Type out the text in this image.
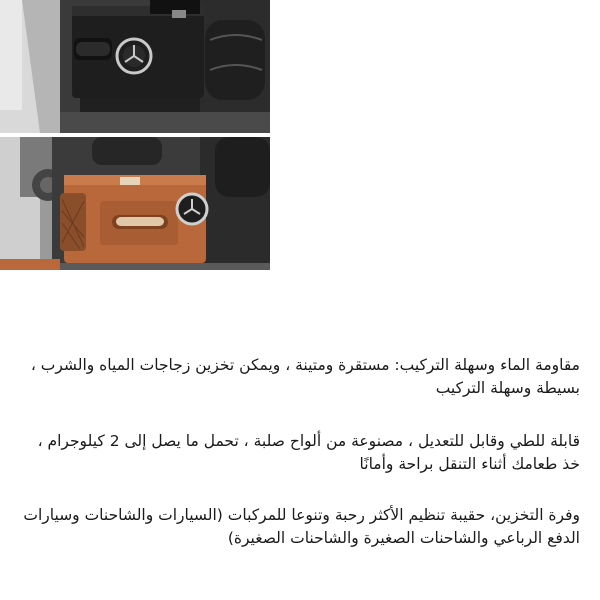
مقاومة الماء وسهلة التركيب: مستقرة ومتينة ، ويمكن تخزين زجاجات المياه والشرب ، بسيطة وسهلة التركيب

قابلة للطي وقابل للتعديل ، مصنوعة من ألواح صلبة ، تحمل ما يصل إلى 2 كيلوجرام ، خذ طعامك أثناء التنقل براحة وأمانًا

وفرة التخزين، حقيبة تنظيم الأكثر رحبة وتنوعا للمركبات (السيارات والشاحنات وسيارات الدفع الرباعي والشاحنات الصغيرة والشاحنات الصغيرة)
